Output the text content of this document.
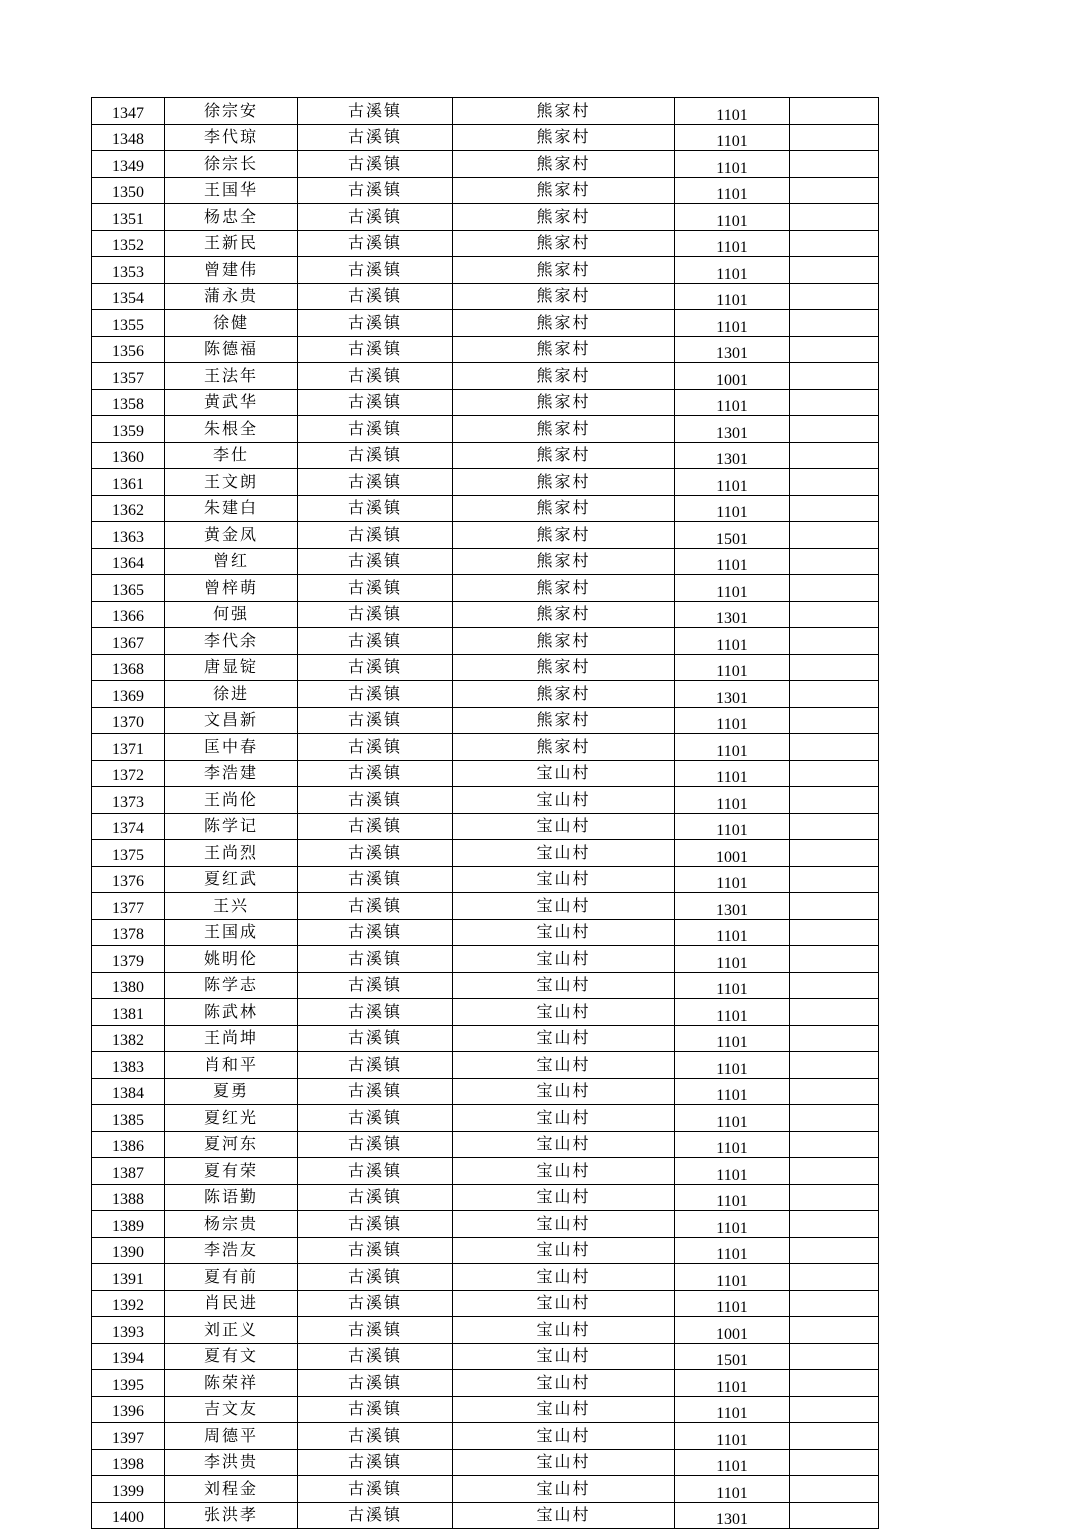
1347	徐宗安	古溪镇	熊家村	1101	
1348	李代琼	古溪镇	熊家村	1101	
1349	徐宗长	古溪镇	熊家村	1101	
1350	王国华	古溪镇	熊家村	1101	
1351	杨忠全	古溪镇	熊家村	1101	
1352	王新民	古溪镇	熊家村	1101	
1353	曾建伟	古溪镇	熊家村	1101	
1354	蒲永贵	古溪镇	熊家村	1101	
1355	徐健	古溪镇	熊家村	1101	
1356	陈德福	古溪镇	熊家村	1301	
1357	王法年	古溪镇	熊家村	1001	
1358	黄武华	古溪镇	熊家村	1101	
1359	朱根全	古溪镇	熊家村	1301	
1360	李仕	古溪镇	熊家村	1301	
1361	王文朗	古溪镇	熊家村	1101	
1362	朱建白	古溪镇	熊家村	1101	
1363	黄金凤	古溪镇	熊家村	1501	
1364	曾红	古溪镇	熊家村	1101	
1365	曾梓萌	古溪镇	熊家村	1101	
1366	何强	古溪镇	熊家村	1301	
1367	李代余	古溪镇	熊家村	1101	
1368	唐显锭	古溪镇	熊家村	1101	
1369	徐进	古溪镇	熊家村	1301	
1370	文昌新	古溪镇	熊家村	1101	
1371	匡中春	古溪镇	熊家村	1101	
1372	李浩建	古溪镇	宝山村	1101	
1373	王尚伦	古溪镇	宝山村	1101	
1374	陈学记	古溪镇	宝山村	1101	
1375	王尚烈	古溪镇	宝山村	1001	
1376	夏红武	古溪镇	宝山村	1101	
1377	王兴	古溪镇	宝山村	1301	
1378	王国成	古溪镇	宝山村	1101	
1379	姚明伦	古溪镇	宝山村	1101	
1380	陈学志	古溪镇	宝山村	1101	
1381	陈武林	古溪镇	宝山村	1101	
1382	王尚坤	古溪镇	宝山村	1101	
1383	肖和平	古溪镇	宝山村	1101	
1384	夏勇	古溪镇	宝山村	1101	
1385	夏红光	古溪镇	宝山村	1101	
1386	夏河东	古溪镇	宝山村	1101	
1387	夏有荣	古溪镇	宝山村	1101	
1388	陈语勤	古溪镇	宝山村	1101	
1389	杨宗贵	古溪镇	宝山村	1101	
1390	李浩友	古溪镇	宝山村	1101	
1391	夏有前	古溪镇	宝山村	1101	
1392	肖民进	古溪镇	宝山村	1101	
1393	刘正义	古溪镇	宝山村	1001	
1394	夏有文	古溪镇	宝山村	1501	
1395	陈荣祥	古溪镇	宝山村	1101	
1396	吉文友	古溪镇	宝山村	1101	
1397	周德平	古溪镇	宝山村	1101	
1398	李洪贵	古溪镇	宝山村	1101	
1399	刘程金	古溪镇	宝山村	1101	
1400	张洪孝	古溪镇	宝山村	1301	
